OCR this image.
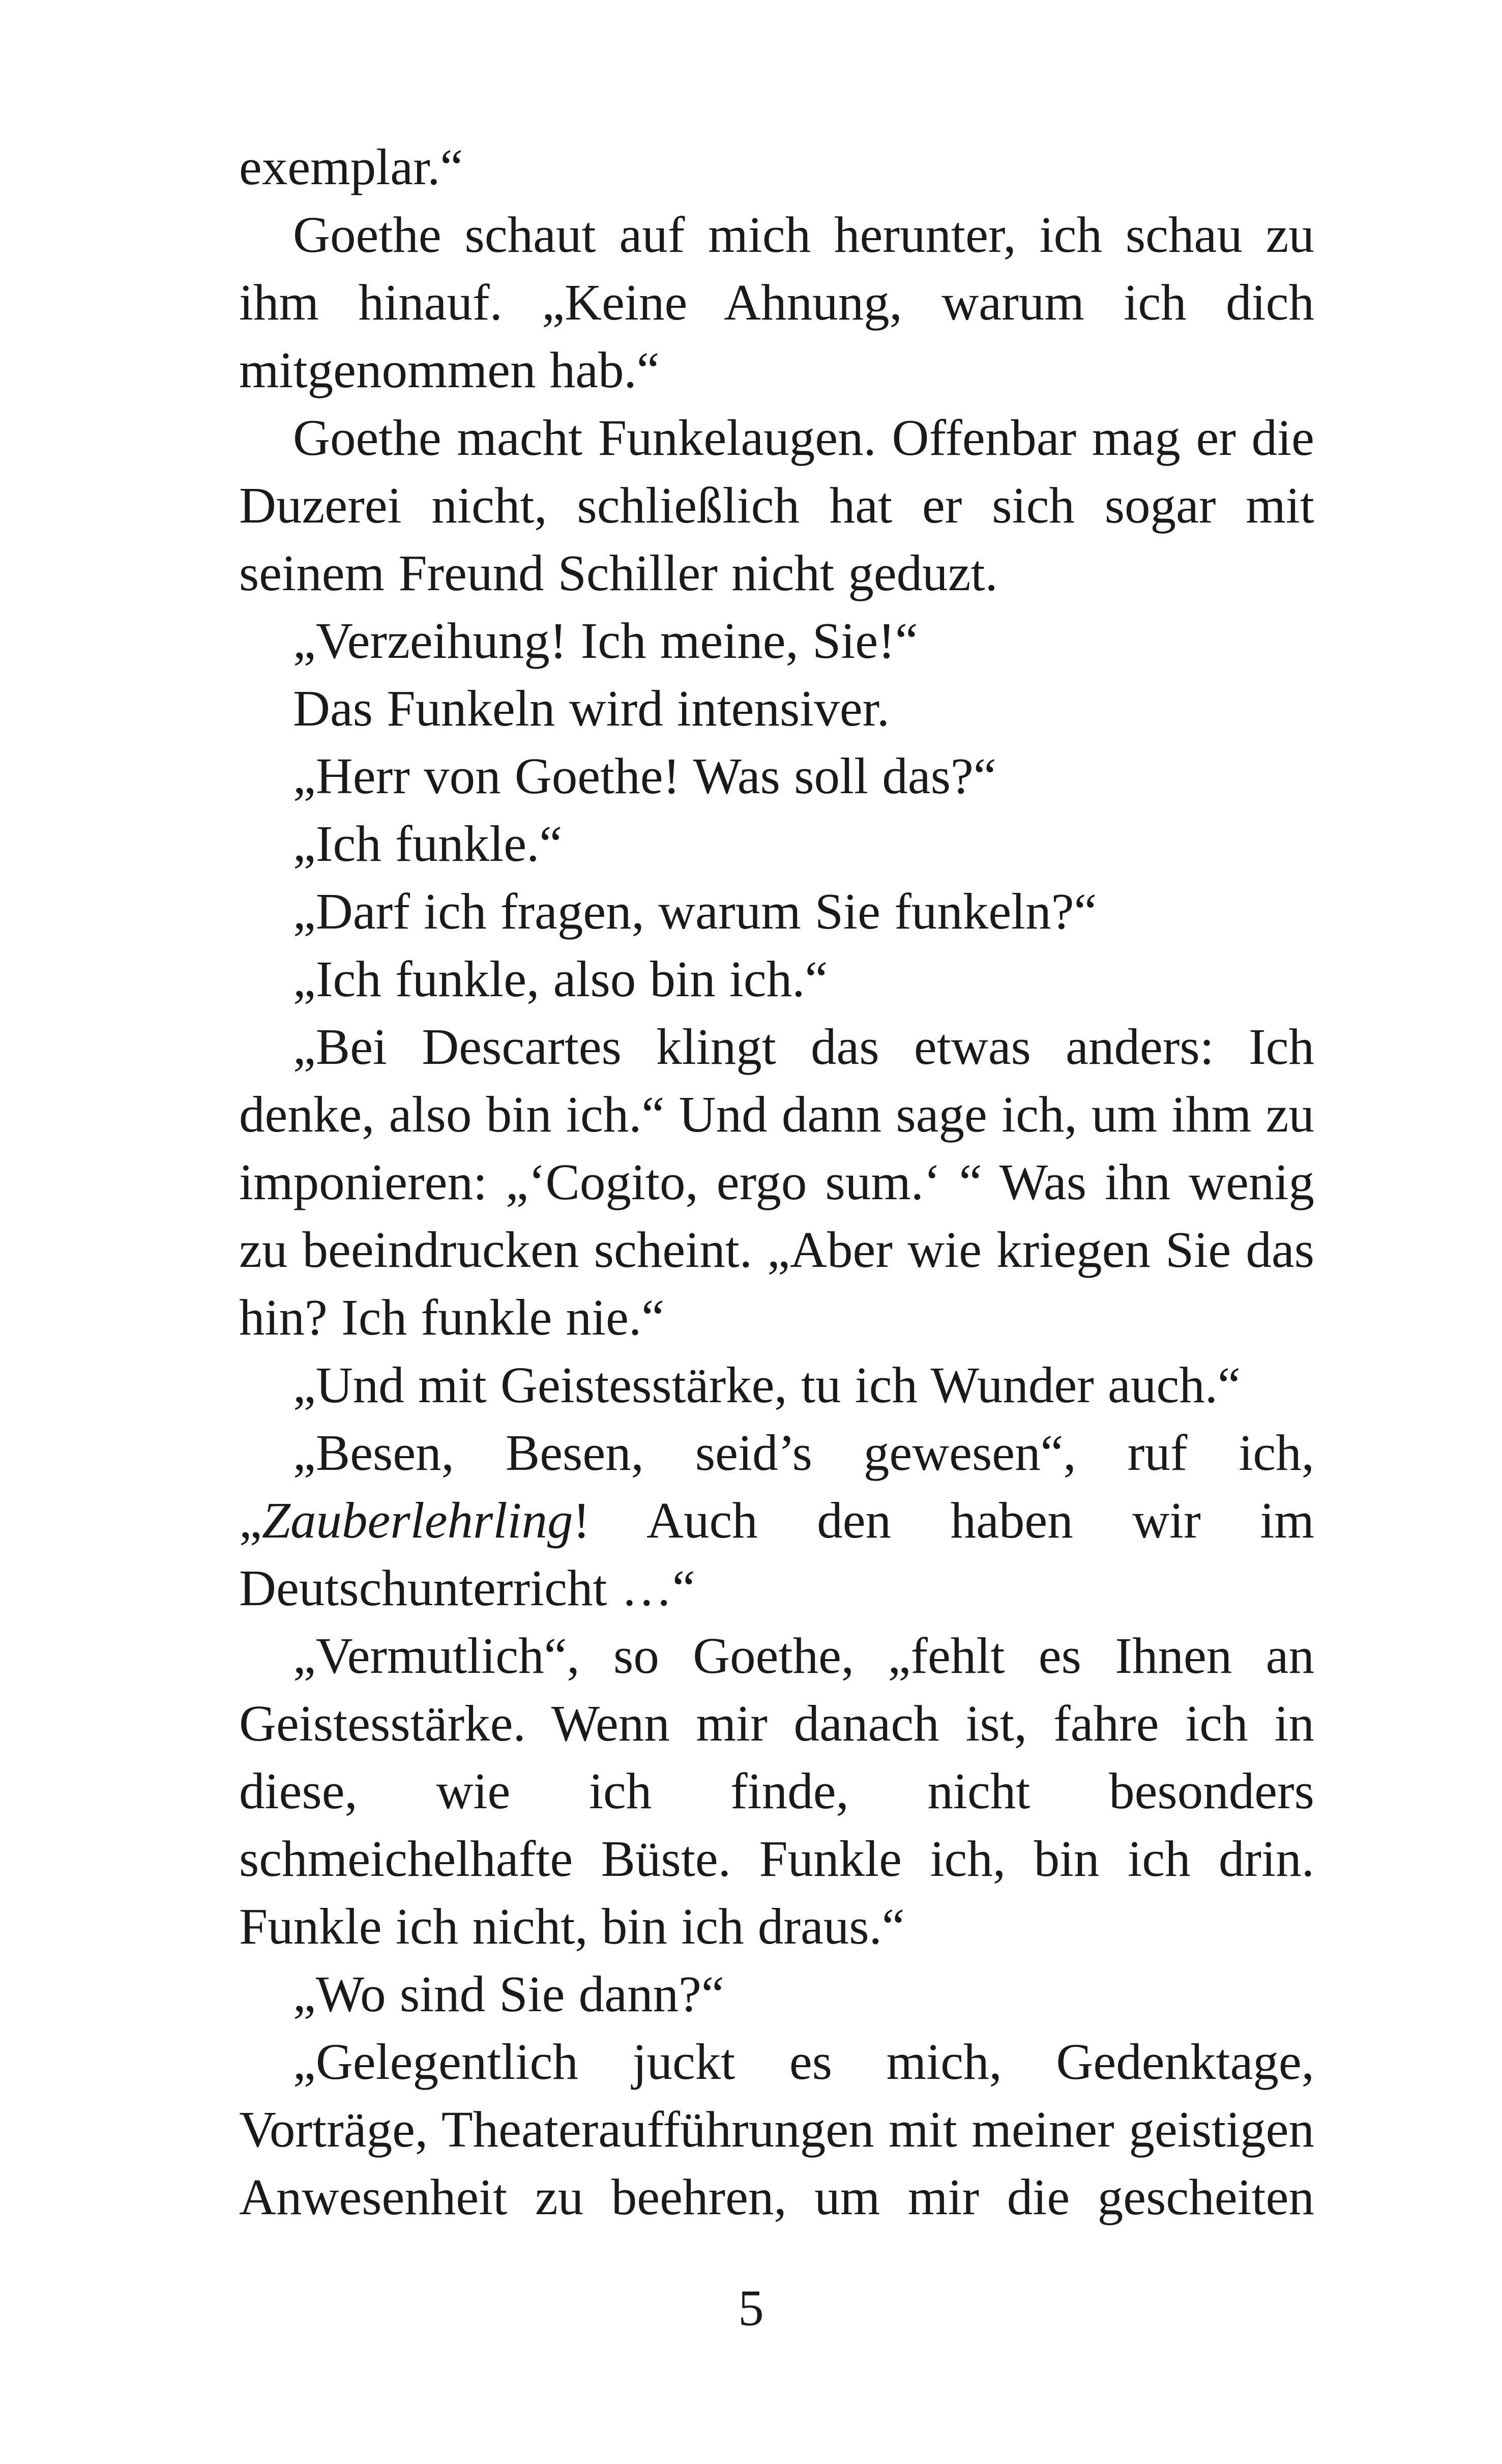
exemplar.“

Goethe schaut auf mich herunter, ich schau zu ihm hinauf. „Keine Ahnung, warum ich dich mitgenommen hab.“

Goethe macht Funkelaugen. Offenbar mag er die Duzerei nicht, schließlich hat er sich sogar mit seinem Freund Schiller nicht geduzt.

„Verzeihung! Ich meine, Sie!“

Das Funkeln wird intensiver.

„Herr von Goethe! Was soll das?“

„Ich funkle.“

„Darf ich fragen, warum Sie funkeln?“

„Ich funkle, also bin ich.“

„Bei Descartes klingt das etwas anders: Ich denke, also bin ich.“ Und dann sage ich, um ihm zu imponieren: „‘Cogito, ergo sum.‘ “ Was ihn wenig zu beeindrucken scheint. „Aber wie kriegen Sie das hin? Ich funkle nie.“

„Und mit Geistesstärke, tu ich Wunder auch.“

„Besen, Besen, seid’s gewesen“, ruf ich, „Zauberlehrling! Auch den haben wir im Deutschunterricht …“

„Vermutlich“, so Goethe, „fehlt es Ihnen an Geistesstärke. Wenn mir danach ist, fahre ich in diese, wie ich finde, nicht besonders schmeichelhafte Büste. Funkle ich, bin ich drin. Funkle ich nicht, bin ich draus.“

„Wo sind Sie dann?“

„Gelegentlich juckt es mich, Gedenktage, Vorträge, Theateraufführungen mit meiner geistigen Anwesenheit zu beehren, um mir die gescheiten

5
